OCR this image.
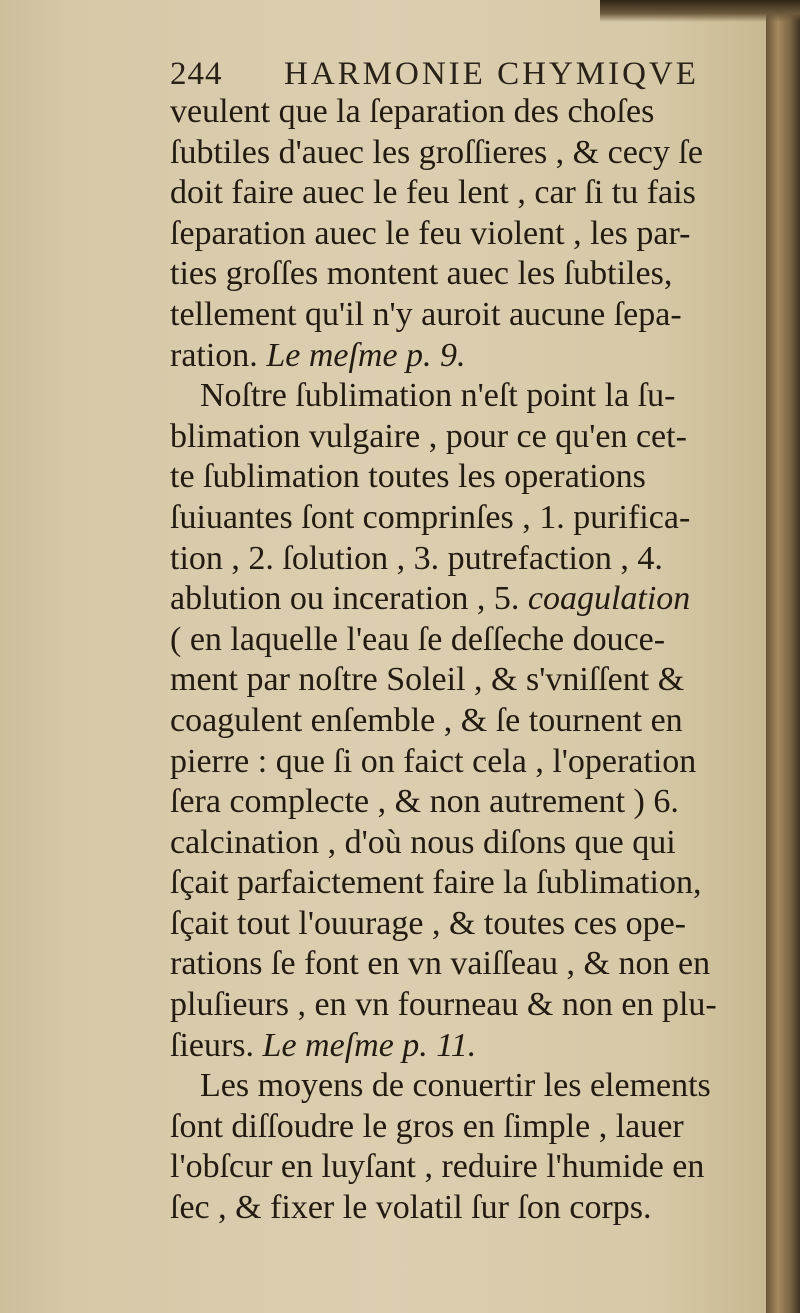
244 HARMONIE CHYMIQVE
veulent que la ſeparation des choſes
ſubtiles d'auec les groſſieres , & cecy ſe
doit faire auec le feu lent , car ſi tu fais
ſeparation auec le feu violent , les par-
ties groſſes montent auec les ſubtiles,
tellement qu'il n'y auroit aucune ſepa-
ration. Le meſme p. 9.
Noſtre ſublimation n'eſt point la ſu-
blimation vulgaire , pour ce qu'en cet-
te ſublimation toutes les operations
ſuiuantes ſont comprinſes , 1. purifica-
tion , 2. ſolution , 3. putrefaction , 4.
ablution ou inceration , 5. coagulation
( en laquelle l'eau ſe deſſeche douce-
ment par noſtre Soleil , & s'vniſſent &
coagulent enſemble , & ſe tournent en
pierre : que ſi on faict cela , l'operation
ſera complecte , & non autrement ) 6.
calcination , d'où nous diſons que qui
ſçait parfaictement faire la ſublimation,
ſçait tout l'ouurage , & toutes ces ope-
rations ſe font en vn vaiſſeau , & non en
pluſieurs , en vn fourneau & non en plu-
ſieurs. Le meſme p. 11.
Les moyens de conuertir les elements
ſont diſſoudre le gros en ſimple , lauer
l'obſcur en luyſant , reduire l'humide en
ſec , & fixer le volatil ſur ſon corps.
